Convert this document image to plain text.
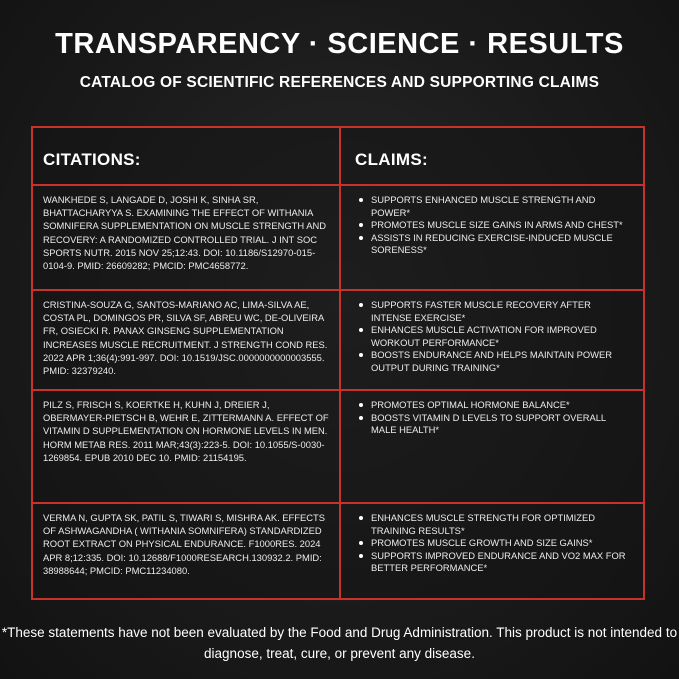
TRANSPARENCY · SCIENCE · RESULTS
CATALOG OF SCIENTIFIC REFERENCES AND SUPPORTING CLAIMS
CITATIONS:	CLAIMS:
WANKHEDE S, LANGADE D, JOSHI K, SINHA SR, BHATTACHARYYA S. EXAMINING THE EFFECT OF WITHANIA SOMNIFERA SUPPLEMENTATION ON MUSCLE STRENGTH AND RECOVERY: A RANDOMIZED CONTROLLED TRIAL. J INT SOC SPORTS NUTR. 2015 NOV 25;12:43. DOI: 10.1186/S12970-015-0104-9. PMID: 26609282; PMCID: PMC4658772.
SUPPORTS ENHANCED MUSCLE STRENGTH AND POWER*
PROMOTES MUSCLE SIZE GAINS IN ARMS AND CHEST*
ASSISTS IN REDUCING EXERCISE-INDUCED MUSCLE SORENESS*
CRISTINA-SOUZA G, SANTOS-MARIANO AC, LIMA-SILVA AE, COSTA PL, DOMINGOS PR, SILVA SF, ABREU WC, DE-OLIVEIRA FR, OSIECKI R. PANAX GINSENG SUPPLEMENTATION INCREASES MUSCLE RECRUITMENT. J STRENGTH COND RES. 2022 APR 1;36(4):991-997. DOI: 10.1519/JSC.0000000000003555. PMID: 32379240.
SUPPORTS FASTER MUSCLE RECOVERY AFTER INTENSE EXERCISE*
ENHANCES MUSCLE ACTIVATION FOR IMPROVED WORKOUT PERFORMANCE*
BOOSTS ENDURANCE AND HELPS MAINTAIN POWER OUTPUT DURING TRAINING*
PILZ S, FRISCH S, KOERTKE H, KUHN J, DREIER J, OBERMAYER-PIETSCH B, WEHR E, ZITTERMANN A. EFFECT OF VITAMIN D SUPPLEMENTATION ON HORMONE LEVELS IN MEN. HORM METAB RES. 2011 MAR;43(3):223-5. DOI: 10.1055/S-0030-1269854. EPUB 2010 DEC 10. PMID: 21154195.
PROMOTES OPTIMAL HORMONE BALANCE*
BOOSTS VITAMIN D LEVELS TO SUPPORT OVERALL MALE HEALTH*
VERMA N, GUPTA SK, PATIL S, TIWARI S, MISHRA AK. EFFECTS OF ASHWAGANDHA ( WITHANIA SOMNIFERA) STANDARDIZED ROOT EXTRACT ON PHYSICAL ENDURANCE. F1000RES. 2024 APR 8;12:335. DOI: 10.12688/F1000RESEARCH.130932.2. PMID: 38988644; PMCID: PMC11234080.
ENHANCES MUSCLE STRENGTH FOR OPTIMIZED TRAINING RESULTS*
PROMOTES MUSCLE GROWTH AND SIZE GAINS*
SUPPORTS IMPROVED ENDURANCE AND VO2 MAX FOR BETTER PERFORMANCE*
*These statements have not been evaluated by the Food and Drug Administration. This product is not intended to diagnose, treat, cure, or prevent any disease.
